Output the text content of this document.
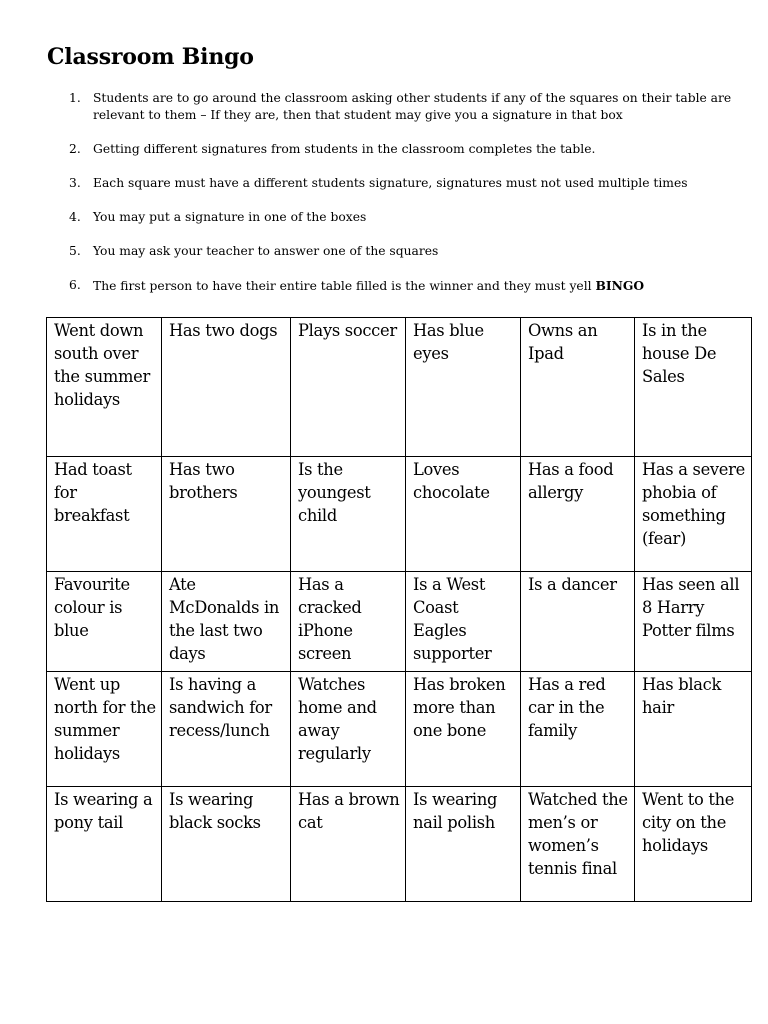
Classroom Bingo
1. Students are to go around the classroom asking other students if any of the squares on their table are relevant to them – If they are, then that student may give you a signature in that box
2. Getting different signatures from students in the classroom completes the table.
3. Each square must have a different students signature, signatures must not used multiple times
4. You may put a signature in one of the boxes
5. You may ask your teacher to answer one of the squares
6. The first person to have their entire table filled is the winner and they must yell BINGO
Went down south over the summer holidays	Has two dogs	Plays soccer	Has blue eyes	Owns an Ipad	Is in the house De Sales
Had toast for breakfast	Has two brothers	Is the youngest child	Loves chocolate	Has a food allergy	Has a severe phobia of something (fear)
Favourite colour is blue	Ate McDonalds in the last two days	Has a cracked iPhone screen	Is a West Coast Eagles supporter	Is a dancer	Has seen all 8 Harry Potter films
Went up north for the summer holidays	Is having a sandwich for recess/lunch	Watches home and away regularly	Has broken more than one bone	Has a red car in the family	Has black hair
Is wearing a pony tail	Is wearing black socks	Has a brown cat	Is wearing nail polish	Watched the men’s or women’s tennis final	Went to the city on the holidays
